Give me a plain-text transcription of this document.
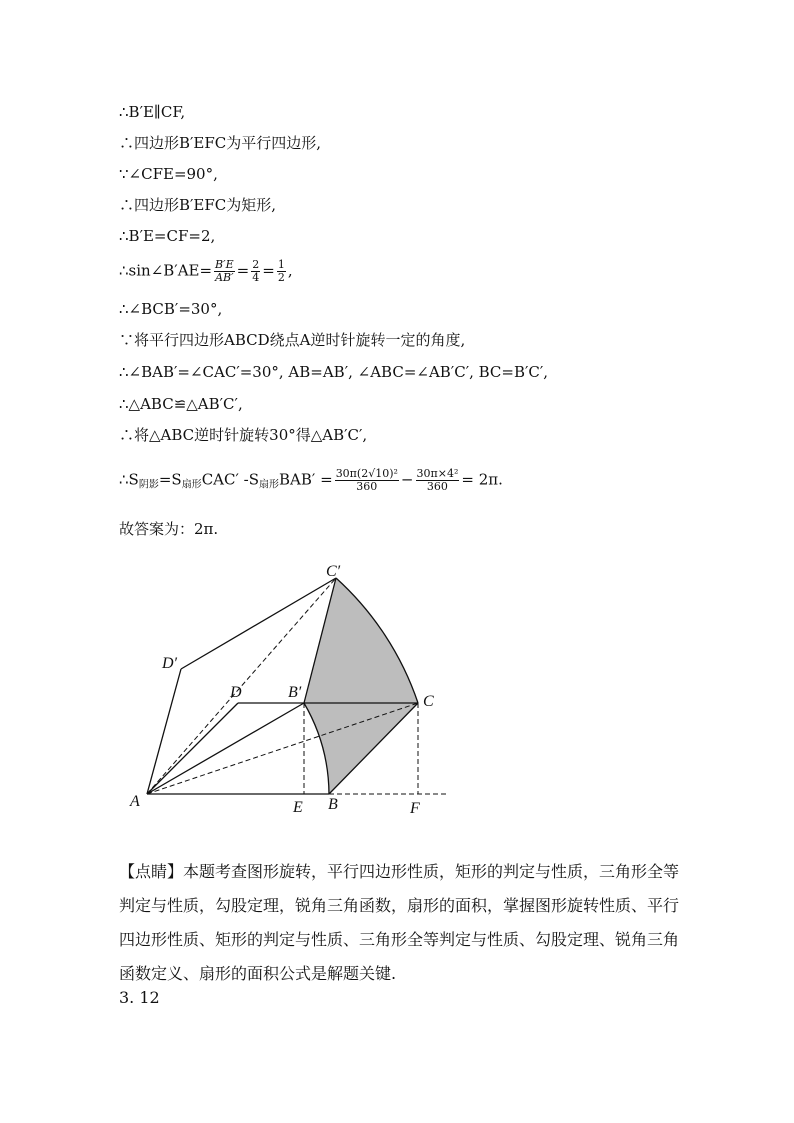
∴B′E∥CF,
∴四边形B′EFC为平行四边形,
∵∠CFE=90°,
∴四边形B′EFC为矩形,
∴B′E=CF=2,
∴sin∠B′AE= $\frac{B'E}{AB'} = \frac{2}{4} = \frac{1}{2}$ ,
∴∠BCB′=30°,
∵将平行四边形ABCD绕点A逆时针旋转一定的角度,
∴∠BAB′=∠CAC′=30°, AB=AB′, ∠ABC=∠AB′C′, BC=B′C′,
∴△ABC≌△AB′C′,
∴将△ABC逆时针旋转30°得△AB′C′,
$\therefore S_{阴影}=S_{扇形}CAC'$ $-S_{扇形}BAB' = \frac{\text{30π(2√10)²}}{360} - \frac{\text{30π×4²}}{360} = 2\pi$.
故答案为：2π.
C′
D′
D	B′
C
A	E B	F
【点睛】本题考查图形旋转，平行四边形性质，矩形的判定与性质，三角形全等判定与性质，勾股定理，锐角三角函数，扇形的面积，掌握图形旋转性质、平行四边形性质、矩形的判定与性质、三角形全等判定与性质、勾股定理、锐角三角函数定义、扇形的面积公式是解题关键.
3. 12
